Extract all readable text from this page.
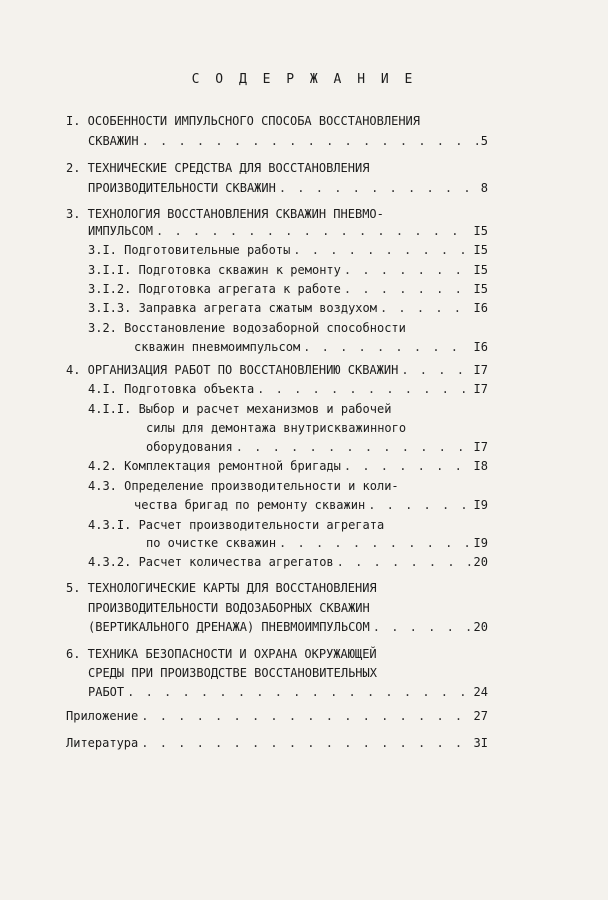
С О Д Е Р Ж А Н И Е
I. ОСОБЕННОСТИ ИМПУЛЬСНОГО СПОСОБА ВОССТАНОВЛЕНИЯ
СКВАЖИН . . .	5
2. ТЕХНИЧЕСКИЕ СРЕДСТВА ДЛЯ ВОССТАНОВЛЕНИЯ
ПРОИЗВОДИТЕЛЬНОСТИ СКВАЖИН . . .	8
3. ТЕХНОЛОГИЯ ВОССТАНОВЛЕНИЯ СКВАЖИН ПНЕВМО-
ИМПУЛЬСОМ . . .	I5
3.I. Подготовительные работы . . .	I5
3.I.I. Подготовка скважин к ремонту . . .	I5
3.I.2. Подготовка агрегата к работе . . .	I5
3.I.3. Заправка агрегата сжатым воздухом . . .	I6
3.2. Восстановление водозаборной способности
скважин пневмоимпульсом . . .	I6
4. ОРГАНИЗАЦИЯ РАБОТ ПО ВОССТАНОВЛЕНИЮ СКВАЖИН . . .	I7
4.I. Подготовка объекта . . .	I7
4.I.I. Выбор и расчет механизмов и рабочей
силы для демонтажа внутрискважинного
оборудования . . .	I7
4.2. Комплектация ремонтной бригады . . .	I8
4.3. Определение производительности и коли-
чества бригад по ремонту скважин . . .	I9
4.3.I. Расчет производительности агрегата
по очистке скважин . . .	I9
4.3.2. Расчет количества агрегатов . . .	20
5. ТЕХНОЛОГИЧЕСКИЕ КАРТЫ ДЛЯ ВОССТАНОВЛЕНИЯ
ПРОИЗВОДИТЕЛЬНОСТИ ВОДОЗАБОРНЫХ СКВАЖИН
(ВЕРТИКАЛЬНОГО ДРЕНАЖА) ПНЕВМОИМПУЛЬСОМ . . .	20
6. ТЕХНИКА БЕЗОПАСНОСТИ И ОХРАНА ОКРУЖАЮЩЕЙ
СРЕДЫ ПРИ ПРОИЗВОДСТВЕ ВОССТАНОВИТЕЛЬНЫХ
РАБОТ . . .	24
Приложение . . .	27
Литература . . .	3I
